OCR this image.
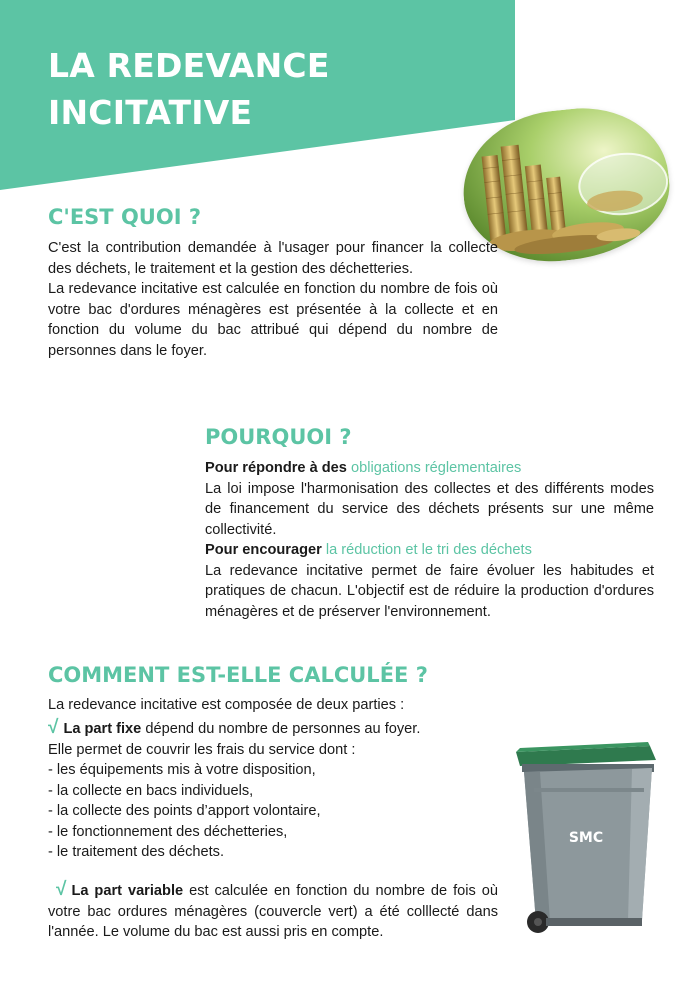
LA REDEVANCE
INCITATIVE
C'EST QUOI ?
C'est la contribution demandée à l'usager pour financer la collecte des déchets, le traitement et la gestion des déchetteries.
La redevance incitative est calculée en fonction du nombre de fois où votre bac d'ordures ménagères est présentée à la collecte et en fonction du volume du bac attribué qui dépend du nombre de personnes dans le foyer.
POURQUOI ?
Pour répondre à des obligations réglementaires
La loi impose l'harmonisation des collectes et des différents modes de financement du service des déchets présents sur une même collectivité.
Pour encourager la réduction et le tri des déchets
La redevance incitative permet de faire évoluer les habitudes et pratiques de chacun. L'objectif est de réduire la production d'ordures ménagères et de préserver l'environnement.
COMMENT EST-ELLE CALCULÉE ?
La redevance incitative est composée de deux parties :
√ La part fixe dépend du nombre de personnes au foyer.
Elle permet de couvrir les frais du service dont :
- les équipements mis à votre disposition,
- la collecte en bacs individuels,
- la collecte des points d’apport volontaire,
- le fonctionnement des déchetteries,
- le traitement des déchets.
√ La part variable est calculée en fonction du nombre de fois où votre bac ordures ménagères (couvercle vert) a été colllecté dans l'année. Le volume du bac est aussi pris en compte.
SMC
